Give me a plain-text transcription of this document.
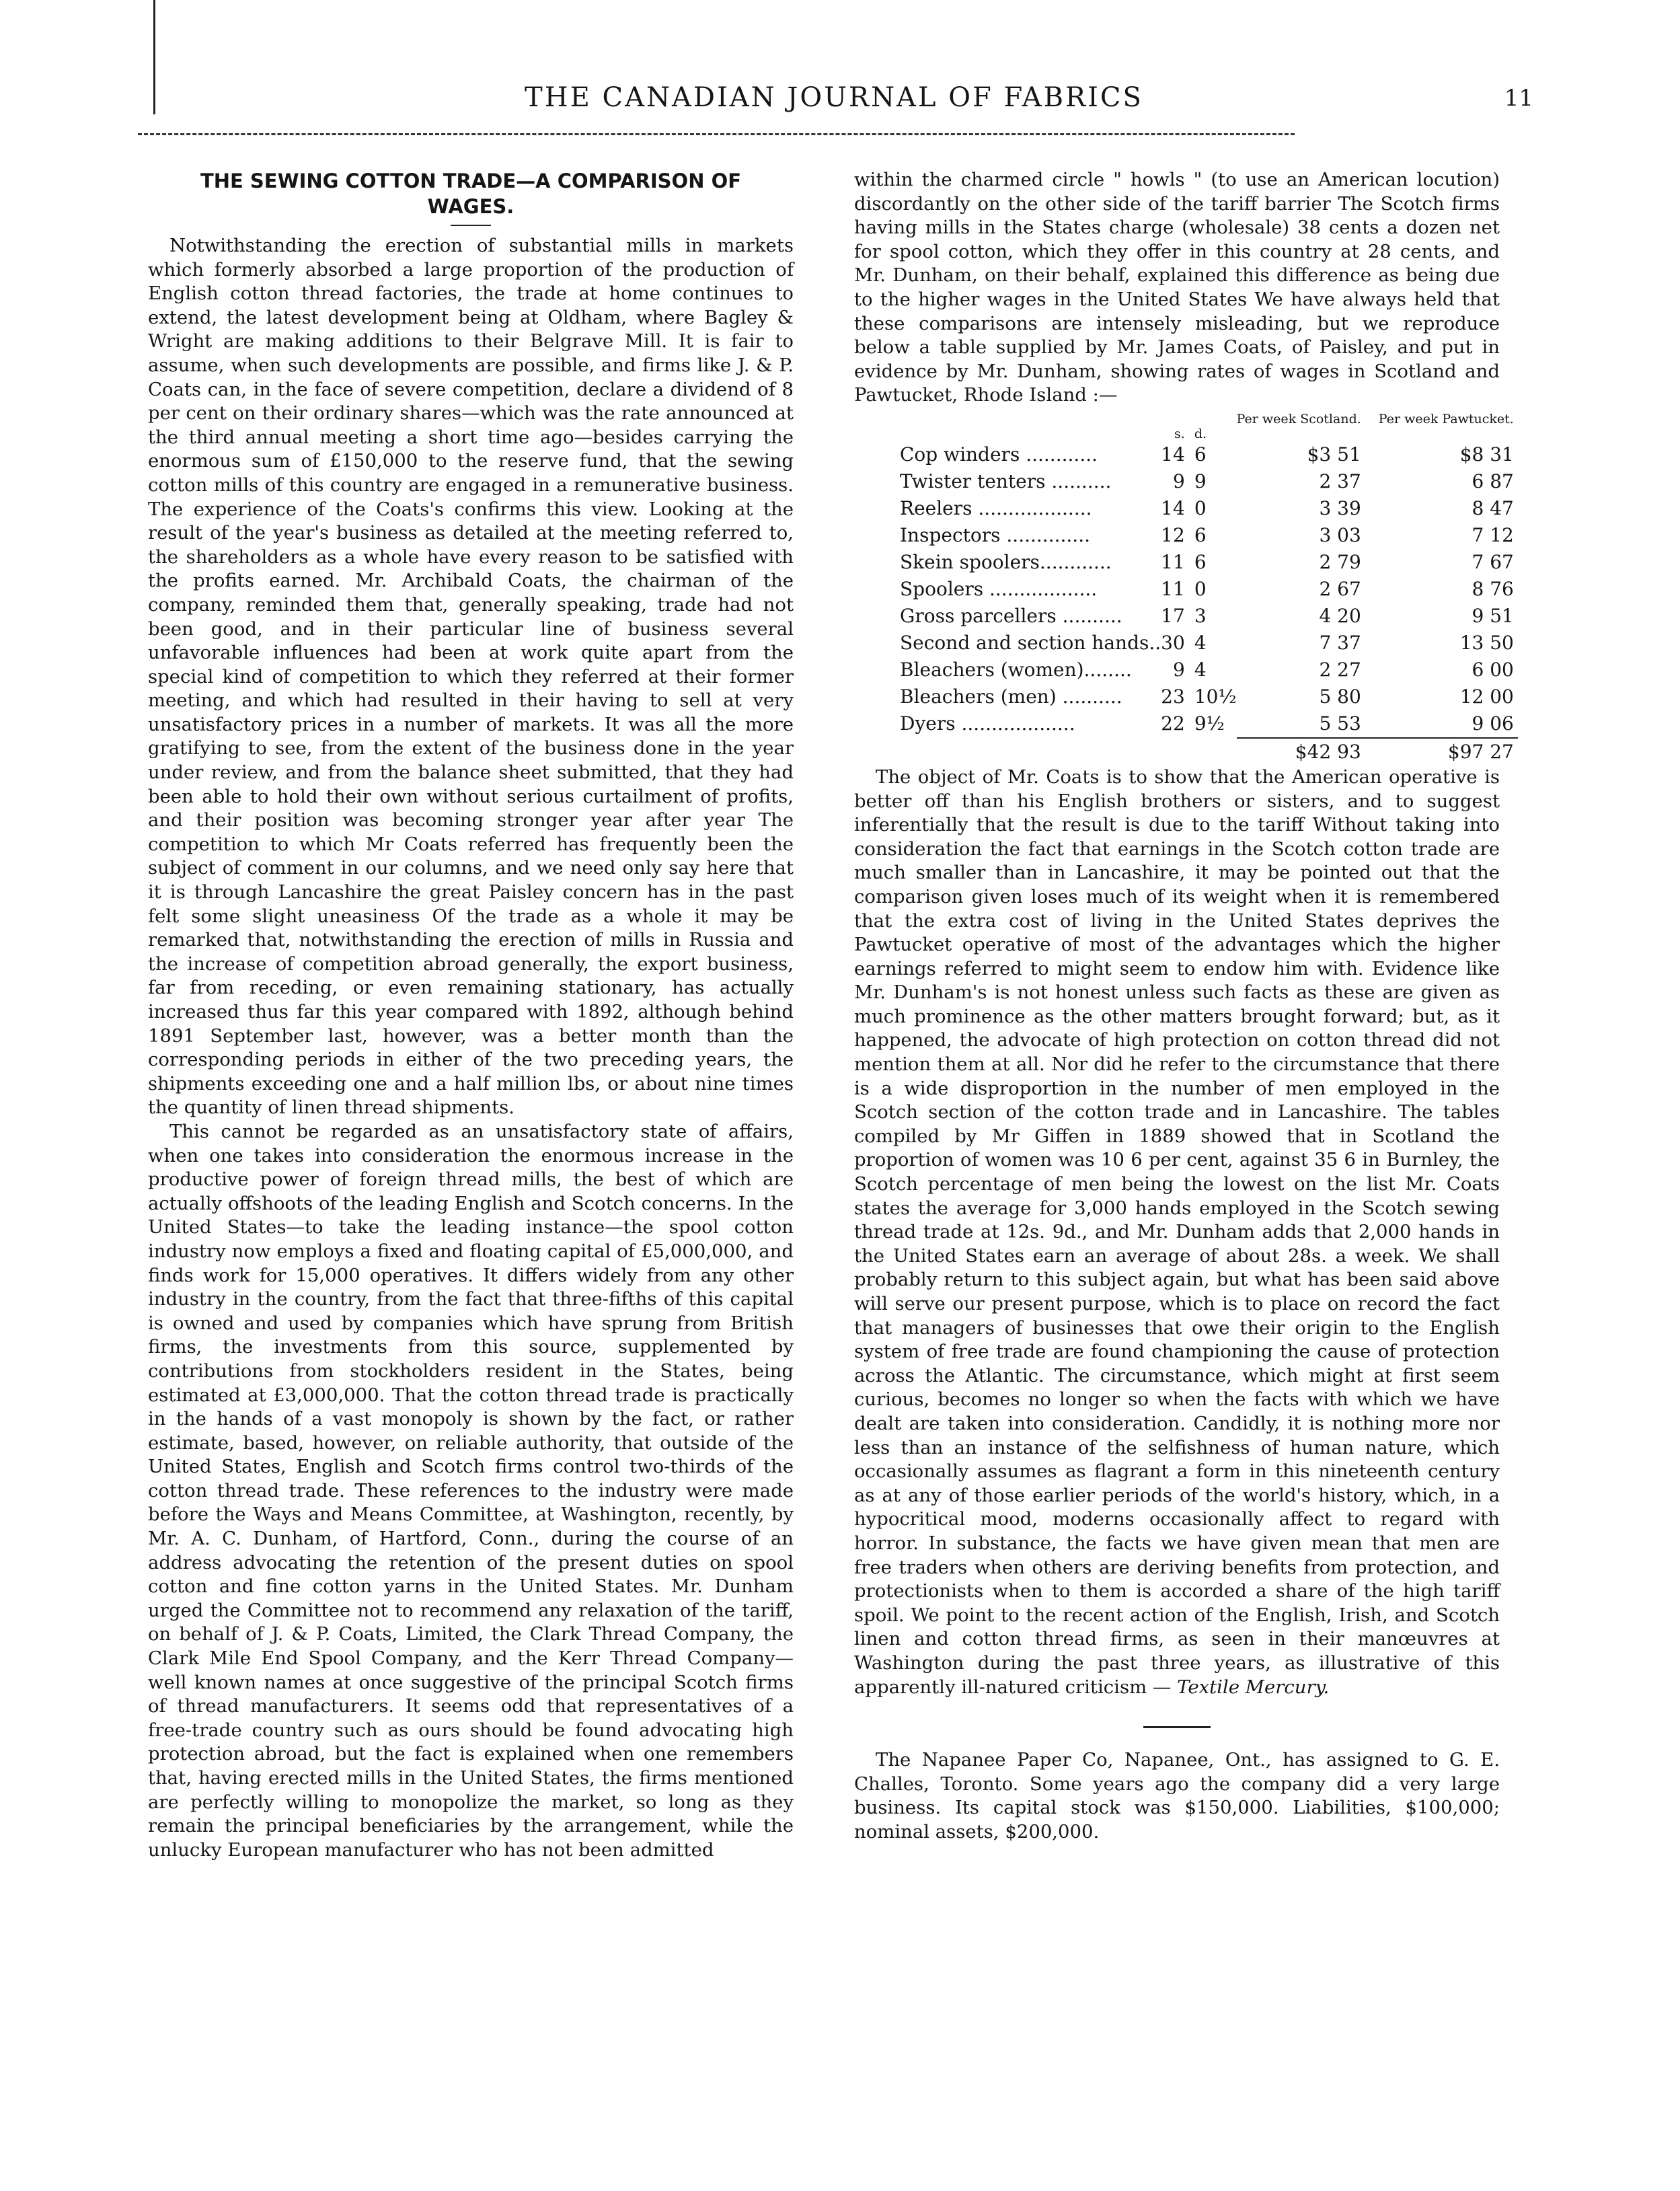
THE CANADIAN JOURNAL OF FABRICS	11
THE SEWING COTTON TRADE—A COMPARISON OF WAGES.

Notwithstanding the erection of substantial mills in markets which formerly absorbed a large proportion of the production of English cotton thread factories, the trade at home continues to extend, the latest development being at Oldham, where Bagley & Wright are making additions to their Belgrave Mill. It is fair to assume, when such developments are possible, and firms like J. & P. Coats can, in the face of severe competition, declare a dividend of 8 per cent on their ordinary shares—which was the rate announced at the third annual meeting a short time ago—besides carrying the enormous sum of £150,000 to the reserve fund, that the sewing cotton mills of this country are engaged in a remunerative business. The experience of the Coats's confirms this view. Looking at the result of the year's business as detailed at the meeting referred to, the shareholders as a whole have every reason to be satisfied with the profits earned. Mr. Archibald Coats, the chairman of the company, reminded them that, generally speaking, trade had not been good, and in their particular line of business several unfavorable influences had been at work quite apart from the special kind of competition to which they referred at their former meeting, and which had resulted in their having to sell at very unsatisfactory prices in a number of markets. It was all the more gratifying to see, from the extent of the business done in the year under review, and from the balance sheet submitted, that they had been able to hold their own without serious curtailment of profits, and their position was becoming stronger year after year The competition to which Mr Coats referred has frequently been the subject of comment in our columns, and we need only say here that it is through Lancashire the great Paisley concern has in the past felt some slight uneasiness Of the trade as a whole it may be remarked that, notwithstanding the erection of mills in Russia and the increase of competition abroad generally, the export business, far from receding, or even remaining stationary, has actually increased thus far this year compared with 1892, although behind 1891 September last, however, was a better month than the corresponding periods in either of the two preceding years, the shipments exceeding one and a half million lbs, or about nine times the quantity of linen thread shipments.

This cannot be regarded as an unsatisfactory state of affairs, when one takes into consideration the enormous increase in the productive power of foreign thread mills, the best of which are actually offshoots of the leading English and Scotch concerns. In the United States—to take the leading instance—the spool cotton industry now employs a fixed and floating capital of £5,000,000, and finds work for 15,000 operatives. It differs widely from any other industry in the country, from the fact that three-fifths of this capital is owned and used by companies which have sprung from British firms, the investments from this source, supplemented by contributions from stockholders resident in the States, being estimated at £3,000,000. That the cotton thread trade is practically in the hands of a vast monopoly is shown by the fact, or rather estimate, based, however, on reliable authority, that outside of the United States, English and Scotch firms control two-thirds of the cotton thread trade. These references to the industry were made before the Ways and Means Committee, at Washington, recently, by Mr. A. C. Dunham, of Hartford, Conn., during the course of an address advocating the retention of the present duties on spool cotton and fine cotton yarns in the United States. Mr. Dunham urged the Committee not to recommend any relaxation of the tariff, on behalf of J. & P. Coats, Limited, the Clark Thread Company, the Clark Mile End Spool Company, and the Kerr Thread Company—well known names at once suggestive of the principal Scotch firms of thread manufacturers. It seems odd that representatives of a free-trade country such as ours should be found advocating high protection abroad, but the fact is explained when one remembers that, having erected mills in the United States, the firms mentioned are perfectly willing to monopolize the market, so long as they remain the principal beneficiaries by the arrangement, while the unlucky European manufacturer who has not been admitted

within the charmed circle " howls " (to use an American locution) discordantly on the other side of the tariff barrier The Scotch firms having mills in the States charge (wholesale) 38 cents a dozen net for spool cotton, which they offer in this country at 28 cents, and Mr. Dunham, on their behalf, explained this difference as being due to the higher wages in the United States We have always held that these comparisons are intensely misleading, but we reproduce below a table supplied by Mr. James Coats, of Paisley, and put in evidence by Mr. Dunham, showing rates of wages in Scotland and Pawtucket, Rhode Island :—

			Per week Scotland.	Per week Pawtucket.
	s.	d.		
Cop winders ............	14	6	$3 51	$8 31
Twister tenters ..........	9	9	2 37	6 87
Reelers ...................	14	0	3 39	8 47
Inspectors ..............	12	6	3 03	7 12
Skein spoolers............	11	6	2 79	7 67
Spoolers ..................	11	0	2 67	8 76
Gross parcellers ..........	17	3	4 20	9 51
Second and section hands..	30	4	7 37	13 50
Bleachers (women)........	9	4	2 27	6 00
Bleachers (men) ..........	23	10½	5 80	12 00
Dyers ...................	22	9½	5 53	9 06
			$42 93	$97 27

The object of Mr. Coats is to show that the American operative is better off than his English brothers or sisters, and to suggest inferentially that the result is due to the tariff Without taking into consideration the fact that earnings in the Scotch cotton trade are much smaller than in Lancashire, it may be pointed out that the comparison given loses much of its weight when it is remembered that the extra cost of living in the United States deprives the Pawtucket operative of most of the advantages which the higher earnings referred to might seem to endow him with. Evidence like Mr. Dunham's is not honest unless such facts as these are given as much prominence as the other matters brought forward; but, as it happened, the advocate of high protection on cotton thread did not mention them at all. Nor did he refer to the circumstance that there is a wide disproportion in the number of men employed in the Scotch section of the cotton trade and in Lancashire. The tables compiled by Mr Giffen in 1889 showed that in Scotland the proportion of women was 10 6 per cent, against 35 6 in Burnley, the Scotch percentage of men being the lowest on the list Mr. Coats states the average for 3,000 hands employed in the Scotch sewing thread trade at 12s. 9d., and Mr. Dunham adds that 2,000 hands in the United States earn an average of about 28s. a week. We shall probably return to this subject again, but what has been said above will serve our present purpose, which is to place on record the fact that managers of businesses that owe their origin to the English system of free trade are found championing the cause of protection across the Atlantic. The circumstance, which might at first seem curious, becomes no longer so when the facts with which we have dealt are taken into consideration. Candidly, it is nothing more nor less than an instance of the selfishness of human nature, which occasionally assumes as flagrant a form in this nineteenth century as at any of those earlier periods of the world's history, which, in a hypocritical mood, moderns occasionally affect to regard with horror. In substance, the facts we have given mean that men are free traders when others are deriving benefits from protection, and protectionists when to them is accorded a share of the high tariff spoil. We point to the recent action of the English, Irish, and Scotch linen and cotton thread firms, as seen in their manœuvres at Washington during the past three years, as illustrative of this apparently ill-natured criticism — Textile Mercury.

The Napanee Paper Co, Napanee, Ont., has assigned to G. E. Challes, Toronto. Some years ago the company did a very large business. Its capital stock was $150,000. Liabilities, $100,000; nominal assets, $200,000.
